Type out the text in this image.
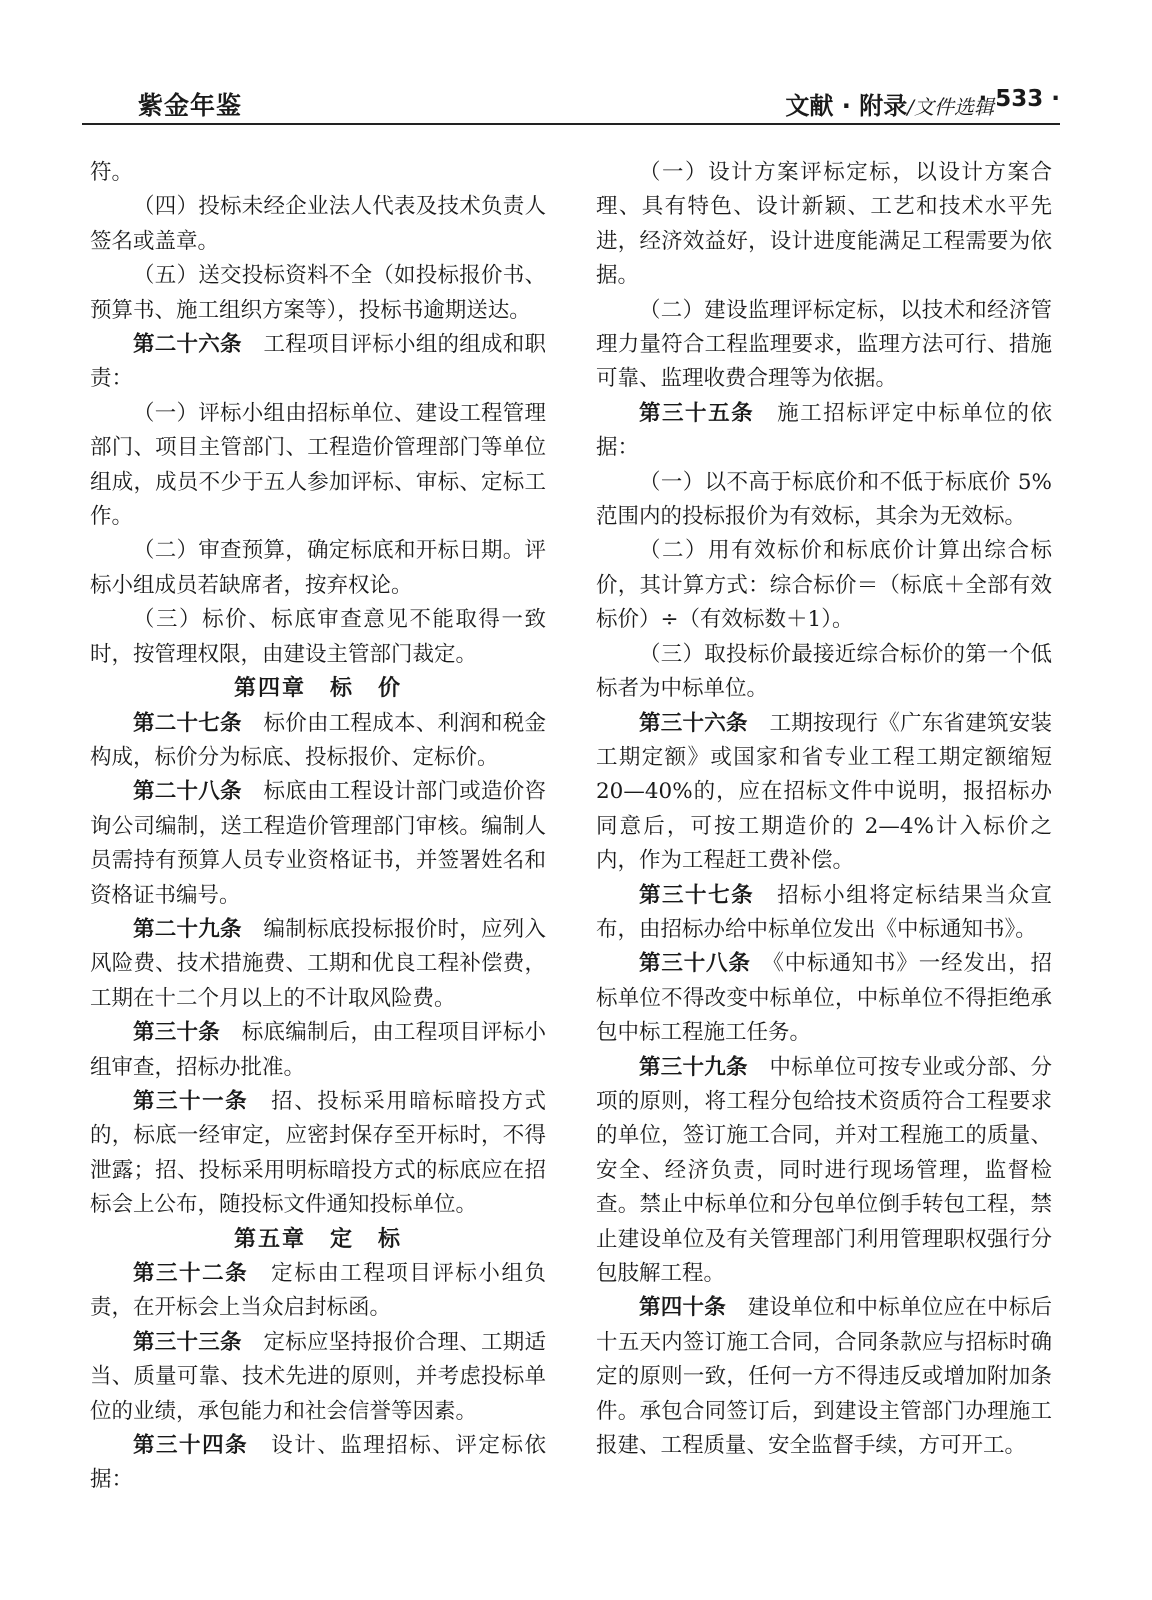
紫金年鉴	文献 · 附录/文件选辑
· 533 ·

符。

（四）投标未经企业法人代表及技术负责人签名或盖章。

（五）送交投标资料不全（如投标报价书、预算书、施工组织方案等），投标书逾期送达。

第二十六条　工程项目评标小组的组成和职责：

（一）评标小组由招标单位、建设工程管理部门、项目主管部门、工程造价管理部门等单位组成，成员不少于五人参加评标、审标、定标工作。

（二）审查预算，确定标底和开标日期。评标小组成员若缺席者，按弃权论。

（三）标价、标底审查意见不能取得一致时，按管理权限，由建设主管部门裁定。

第四章　标　价

第二十七条　标价由工程成本、利润和税金构成，标价分为标底、投标报价、定标价。

第二十八条　标底由工程设计部门或造价咨询公司编制，送工程造价管理部门审核。编制人员需持有预算人员专业资格证书，并签署姓名和资格证书编号。

第二十九条　编制标底投标报价时，应列入风险费、技术措施费、工期和优良工程补偿费，工期在十二个月以上的不计取风险费。

第三十条　标底编制后，由工程项目评标小组审查，招标办批准。

第三十一条　招、投标采用暗标暗投方式的，标底一经审定，应密封保存至开标时，不得泄露；招、投标采用明标暗投方式的标底应在招标会上公布，随投标文件通知投标单位。

第五章　定　标

第三十二条　定标由工程项目评标小组负责，在开标会上当众启封标函。

第三十三条　定标应坚持报价合理、工期适当、质量可靠、技术先进的原则，并考虑投标单位的业绩，承包能力和社会信誉等因素。

第三十四条　设计、监理招标、评定标依据：

（一）设计方案评标定标，以设计方案合理、具有特色、设计新颖、工艺和技术水平先进，经济效益好，设计进度能满足工程需要为依据。

（二）建设监理评标定标，以技术和经济管理力量符合工程监理要求，监理方法可行、措施可靠、监理收费合理等为依据。

第三十五条　施工招标评定中标单位的依据：

（一）以不高于标底价和不低于标底价 5%范围内的投标报价为有效标，其余为无效标。

（二）用有效标价和标底价计算出综合标价，其计算方式：综合标价＝（标底＋全部有效标价）÷（有效标数＋1）。

（三）取投标价最接近综合标价的第一个低标者为中标单位。

第三十六条　工期按现行《广东省建筑安装工期定额》或国家和省专业工程工期定额缩短 20—40%的，应在招标文件中说明，报招标办同意后，可按工期造价的 2—4%计入标价之内，作为工程赶工费补偿。

第三十七条　招标小组将定标结果当众宣布，由招标办给中标单位发出《中标通知书》。

第三十八条　《中标通知书》一经发出，招标单位不得改变中标单位，中标单位不得拒绝承包中标工程施工任务。

第三十九条　中标单位可按专业或分部、分项的原则，将工程分包给技术资质符合工程要求的单位，签订施工合同，并对工程施工的质量、安全、经济负责，同时进行现场管理，监督检查。禁止中标单位和分包单位倒手转包工程，禁止建设单位及有关管理部门利用管理职权强行分包肢解工程。

第四十条　建设单位和中标单位应在中标后十五天内签订施工合同，合同条款应与招标时确定的原则一致，任何一方不得违反或增加附加条件。承包合同签订后，到建设主管部门办理施工报建、工程质量、安全监督手续，方可开工。
